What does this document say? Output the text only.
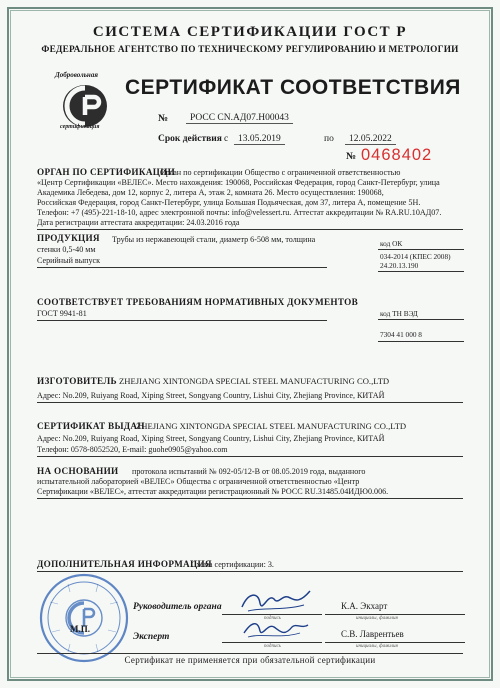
СИСТЕМА СЕРТИФИКАЦИИ ГОСТ Р
ФЕДЕРАЛЬНОЕ АГЕНТСТВО ПО ТЕХНИЧЕСКОМУ РЕГУЛИРОВАНИЮ И МЕТРОЛОГИИ
Добровольная
сертификация
СЕРТИФИКАТ СООТВЕТСТВИЯ
№	РОСС CN.АД07.Н00043
Срок действия с	13.05.2019	по	12.05.2022
№ 0468402
ОРГАН ПО СЕРТИФИКАЦИИ
Орган по сертификации Общество с ограниченной ответственностью
«Центр Сертификации «ВЕЛЕС». Место нахождения: 190068, Российская Федерация, город Санкт-Петербург, улица
Академика Лебедева, дом 12, корпус 2, литера А, этаж 2, комната 26. Место осуществления: 190068,
Российская Федерация, город Санкт-Петербург, улица Большая Подьяческая, дом 37, литера А, помещение 5Н.
Телефон: +7 (495)-221-18-10, адрес электронной почты: info@velessert.ru. Аттестат аккредитации № RA.RU.10АД07.
Дата регистрации аттестата аккредитации: 24.03.2016 года
ПРОДУКЦИЯ Трубы из нержавеющей стали, диаметр 6-508 мм, толщина
стенки 0,5-40 мм
Серийный выпуск
код ОК
034-2014 (КПЕС 2008)
24.20.13.190
СООТВЕТСТВУЕТ ТРЕБОВАНИЯМ НОРМАТИВНЫХ ДОКУМЕНТОВ
ГОСТ 9941-81	код ТН ВЭД
7304 41 000 8
ИЗГОТОВИТЕЛЬ ZHEJIANG XINTONGDA SPECIAL STEEL MANUFACTURING CO.,LTD
Адрес: No.209, Ruiyang Road, Xiping Street, Songyang Country, Lishui City, Zhejiang Province, КИТАЙ
СЕРТИФИКАТ ВЫДАН
ZHEJIANG XINTONGDA SPECIAL STEEL MANUFACTURING CO.,LTD
Адрес: No.209, Ruiyang Road, Xiping Street, Songyang Country, Lishui City, Zhejiang Province, КИТАЙ
Телефон: 0578-8052520, E-mail: guohe0905@yahoo.com
НА ОСНОВАНИИ протокола испытаний № 092-05/12-В от 08.05.2019 года, выданного
испытательной лабораторией «ВЕЛЕС» Общества с ограниченной ответственностью «Центр
Сертификации «ВЕЛЕС», аттестат аккредитации регистрационный № РОСС RU.31485.04ИДЮ0.006.
ДОПОЛНИТЕЛЬНАЯ ИНФОРМАЦИЯ
Схема сертификации: 3.
М.П.
Руководитель органа
подпись
К.А. Экхарт
инициалы, фамилия
Эксперт
подпись
С.В. Лаврентьев
инициалы, фамилия
Сертификат не применяется при обязательной сертификации
